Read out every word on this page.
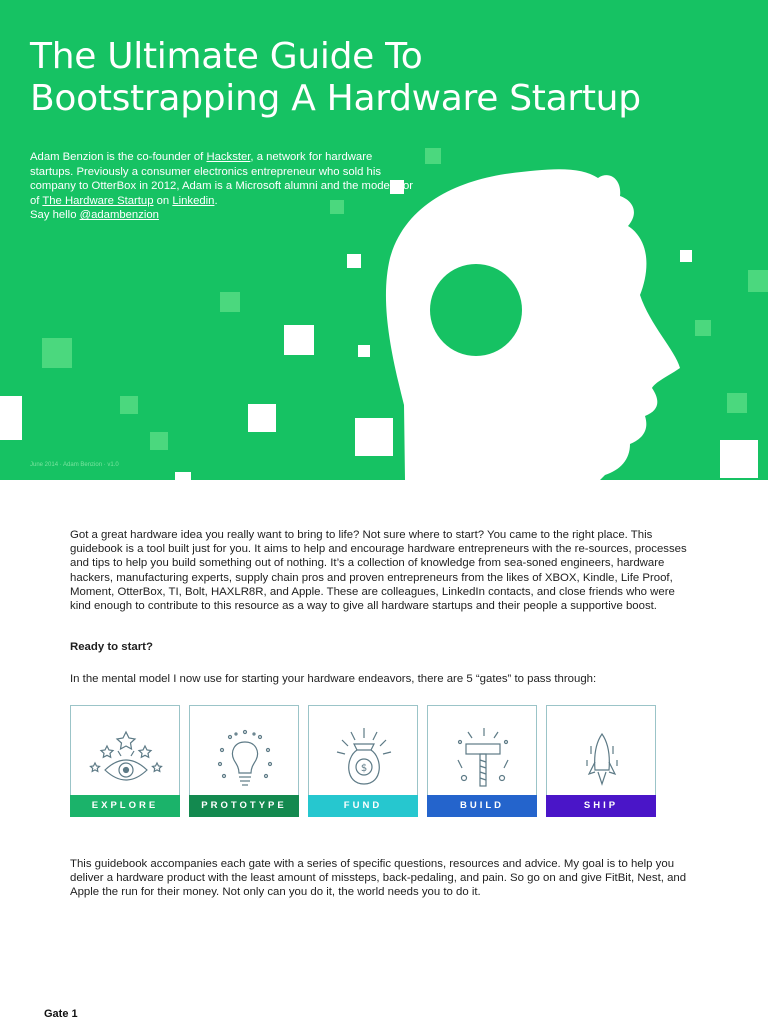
The Ultimate Guide To
Bootstrapping A Hardware Startup
Adam Benzion is the co-founder of Hackster, a network for hardware startups. Previously a consumer electronics entrepreneur who sold his company to OtterBox in 2012, Adam is a Microsoft alumni and the moderator of The Hardware Startup on Linkedin.
Say hello @adambenzion
June 2014 · Adam Benzion · v1.0
Got a great hardware idea you really want to bring to life? Not sure where to start? You came to the right place. This guidebook is a tool built just for you. It aims to help and encourage hardware entrepreneurs with the re-sources, processes and tips to help you build something out of nothing. It’s a collection of knowledge from sea-soned engineers, hardware hackers, manufacturing experts, supply chain pros and proven entrepreneurs from the likes of XBOX, Kindle, Life Proof, Moment, OtterBox, TI, Bolt, HAXLR8R, and Apple. These are colleagues, LinkedIn contacts, and close friends who were kind enough to contribute to this resource as a way to give all hardware startups and their people a supportive boost.
Ready to start?
In the mental model I now use for starting your hardware endeavors, there are 5 “gates” to pass through:
EXPLORE	PROTOTYPE
$
FUND	BUILD	SHIP
This guidebook accompanies each gate with a series of specific questions, resources and advice. My goal is to help you deliver a hardware product with the least amount of missteps, back-pedaling, and pain. So go on and give FitBit, Nest, and Apple the run for their money. Not only can you do it, the world needs you to do it.
Gate 1
